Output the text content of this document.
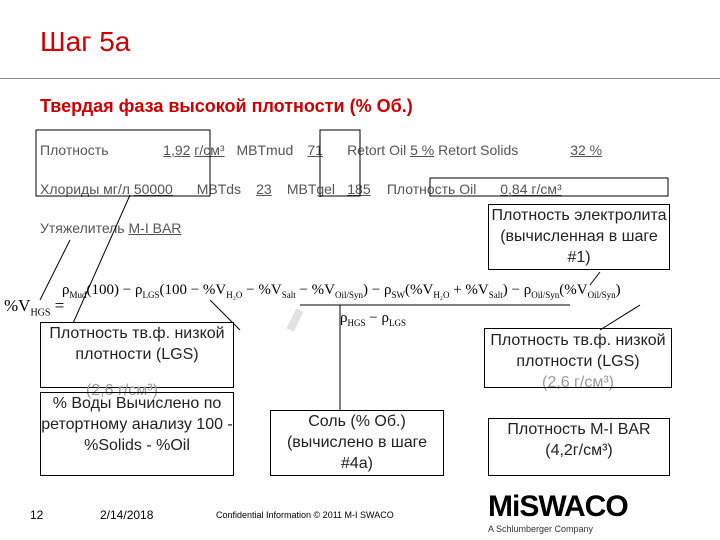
Шаг 5а
Твердая фаза высокой плотности (% Об.)
Плотность	1,92 г/см³ MBTmud 71 Retort Oil 5 % Retort Solids	32 %
Хлориды мг/л 50000 MBTds 23 MBTgel 185 Плотность Oil 0,84 г/см³
Утяжелитель M-I BAR
$\%V_{HGS}$ =
$\rho_{Mud}(100) - \rho_{LGS}(100 - \%V_{H_2O} - \%V_{Salt} - \%V_{Oil/Syn}) - \rho_{SW}(\%V_{H_2O} + \%V_{Salt}) - \rho_{Oil/Syn}(\%V_{Oil/Syn})$
$\rho_{HGS} - \rho_{LGS}$
Плотность электролита (вычисленная в шаге #1)
Плотность тв.ф. низкой плотности (LGS)
(2,6 г/см³)
% Воды Вычислено по ретортному анализу 100 - %Solids - %Oil
Соль (% Об.) (вычислено в шаге #4а)
Плотность тв.ф. низкой плотности (LGS)
(2,6 г/см³)
Плотность M-I BAR
(4,2г/см³)
12	2/14/2018	Confidential Information © 2011 M-I SWACO	MiSWACO
A Schlumberger Company
